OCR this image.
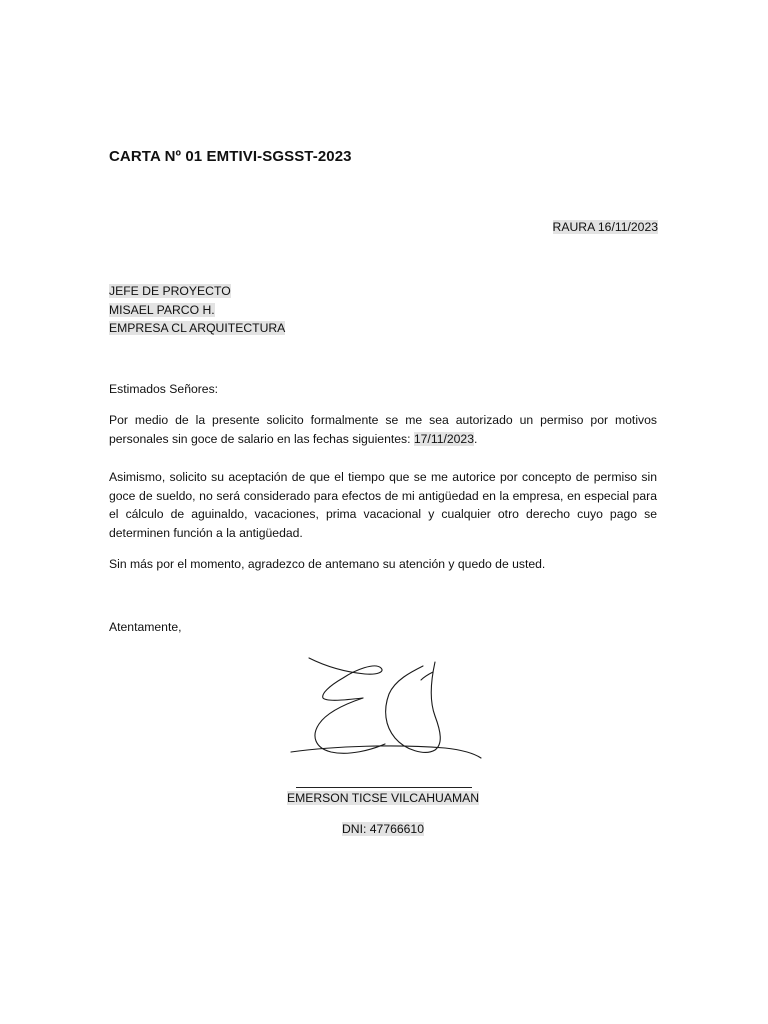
CARTA Nº 01 EMTIVI-SGSST-2023
RAURA 16/11/2023
JEFE DE PROYECTO
MISAEL PARCO H.
EMPRESA CL ARQUITECTURA
Estimados Señores:
Por medio de la presente solicito formalmente se me sea autorizado un permiso por motivos personales sin goce de salario en las fechas siguientes: 17/11/2023.
Asimismo, solicito su aceptación de que el tiempo que se me autorice por concepto de permiso sin goce de sueldo, no será considerado para efectos de mi antigüedad en la empresa, en especial para el cálculo de aguinaldo, vacaciones, prima vacacional y cualquier otro derecho cuyo pago se determinen función a la antigüedad.
Sin más por el momento, agradezco de antemano su atención y quedo de usted.
Atentamente,
EMERSON TICSE VILCAHUAMAN
DNI: 47766610
